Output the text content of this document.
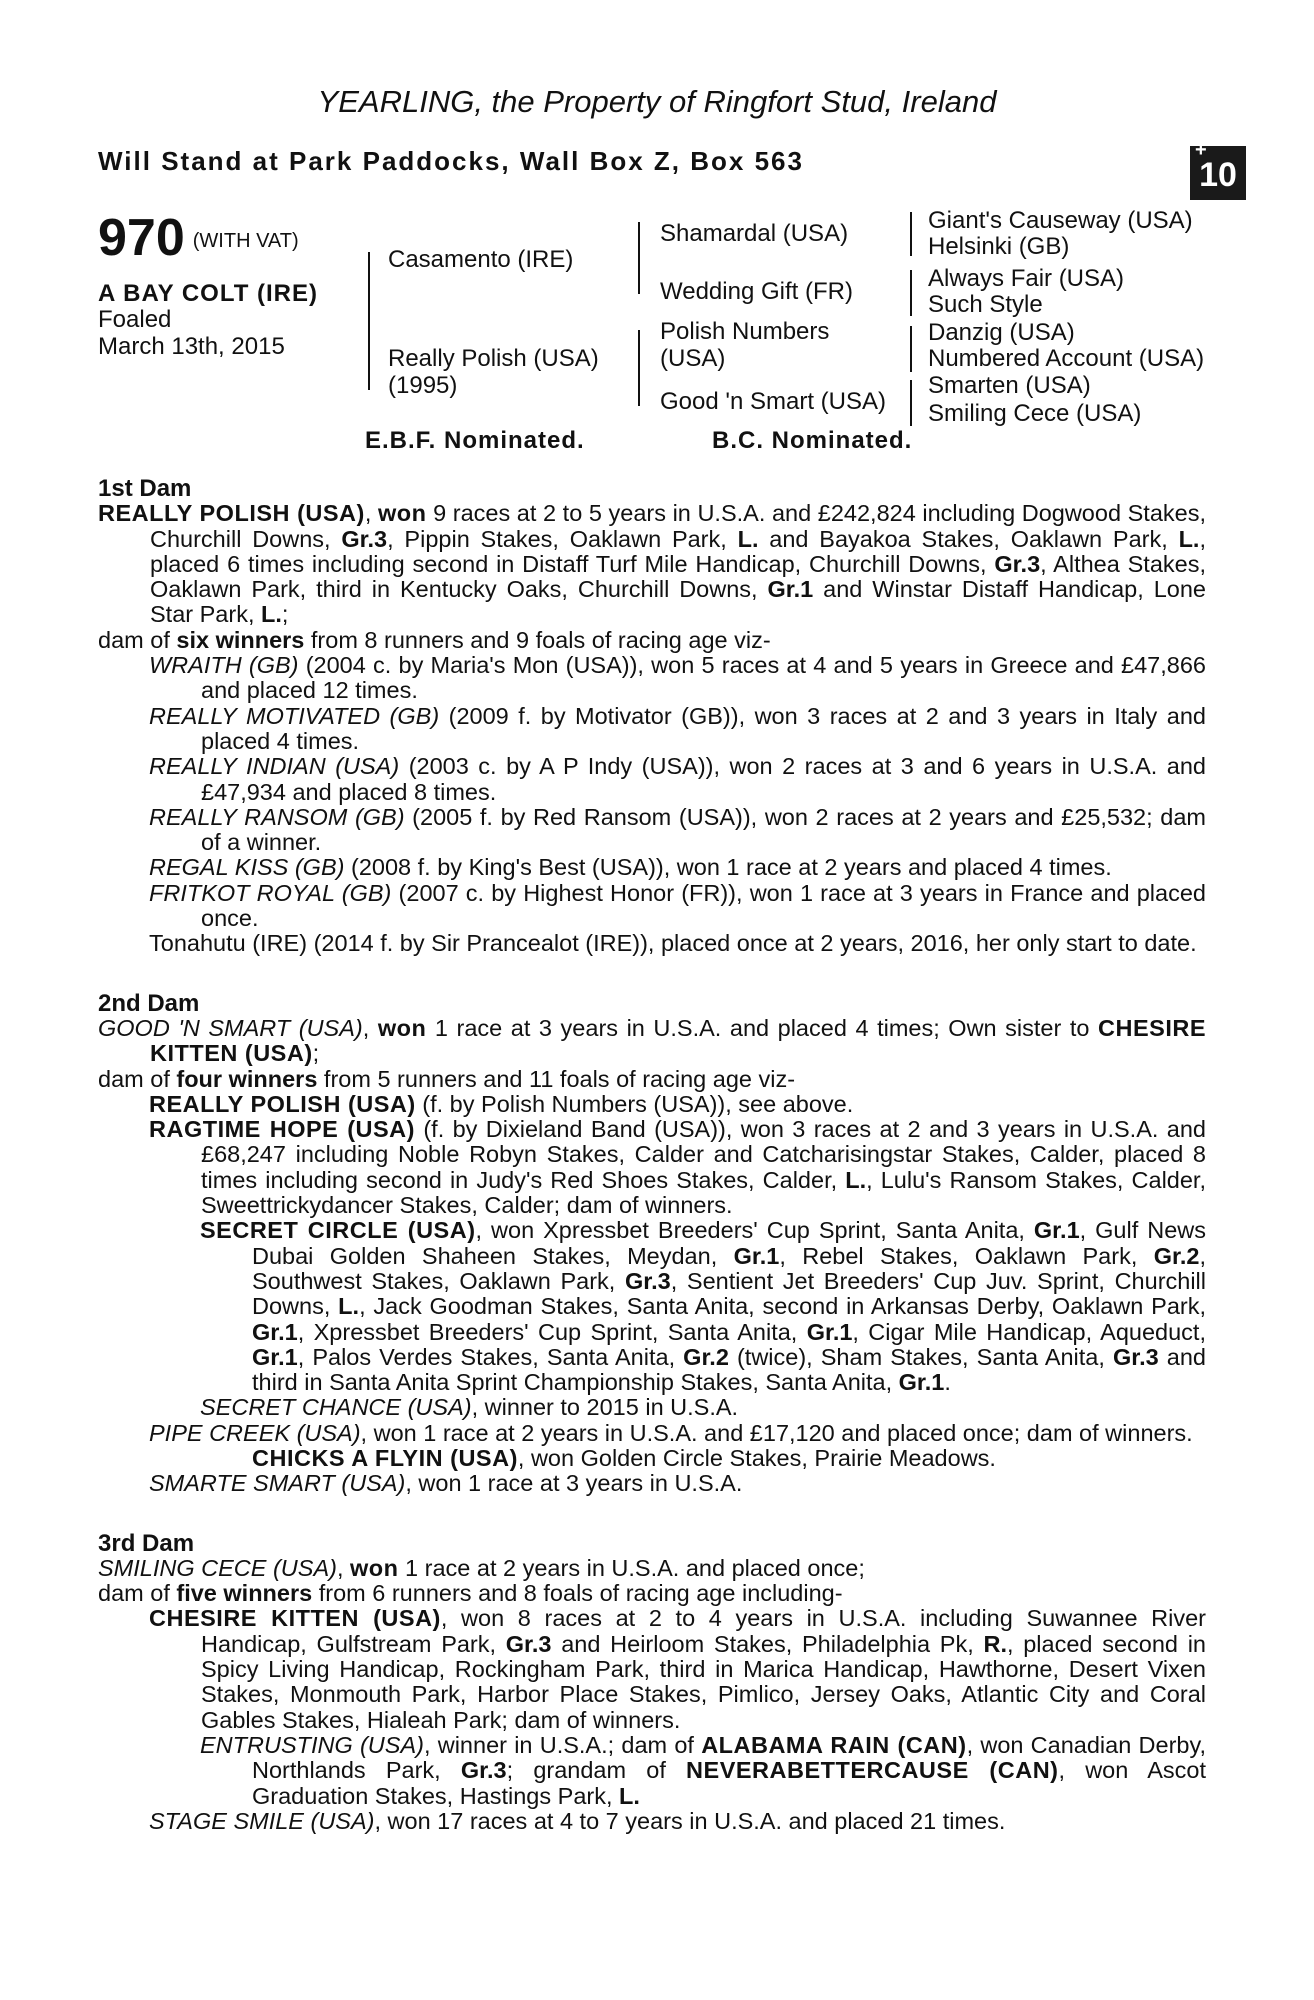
YEARLING, the Property of Ringfort Stud, Ireland
Will Stand at Park Paddocks, Wall Box Z, Box 563	+
10
970 (WITH VAT)
A BAY COLT (IRE)
Foaled
March 13th, 2015
Casamento (IRE)
Really Polish (USA)
(1995)
Shamardal (USA)
Wedding Gift (FR)
Polish Numbers
(USA)
Good 'n Smart (USA)
Giant's Causeway (USA)
Helsinki (GB)
Always Fair (USA)
Such Style
Danzig (USA)
Numbered Account (USA)
Smarten (USA)
Smiling Cece (USA)
E.B.F. Nominated.	B.C. Nominated.
1st Dam
REALLY POLISH (USA), won 9 races at 2 to 5 years in U.S.A. and £242,824 including Dogwood Stakes, Churchill Downs, Gr.3, Pippin Stakes, Oaklawn Park, L. and Bayakoa Stakes, Oaklawn Park, L., placed 6 times including second in Distaff Turf Mile Handicap, Churchill Downs, Gr.3, Althea Stakes, Oaklawn Park, third in Kentucky Oaks, Churchill Downs, Gr.1 and Winstar Distaff Handicap, Lone Star Park, L.;
dam of six winners from 8 runners and 9 foals of racing age viz-
WRAITH (GB) (2004 c. by Maria's Mon (USA)), won 5 races at 4 and 5 years in Greece and £47,866 and placed 12 times.
REALLY MOTIVATED (GB) (2009 f. by Motivator (GB)), won 3 races at 2 and 3 years in Italy and placed 4 times.
REALLY INDIAN (USA) (2003 c. by A P Indy (USA)), won 2 races at 3 and 6 years in U.S.A. and £47,934 and placed 8 times.
REALLY RANSOM (GB) (2005 f. by Red Ransom (USA)), won 2 races at 2 years and £25,532; dam of a winner.
REGAL KISS (GB) (2008 f. by King's Best (USA)), won 1 race at 2 years and placed 4 times.
FRITKOT ROYAL (GB) (2007 c. by Highest Honor (FR)), won 1 race at 3 years in France and placed once.
Tonahutu (IRE) (2014 f. by Sir Prancealot (IRE)), placed once at 2 years, 2016, her only start to date.
2nd Dam
GOOD 'N SMART (USA), won 1 race at 3 years in U.S.A. and placed 4 times; Own sister to CHESIRE KITTEN (USA);
dam of four winners from 5 runners and 11 foals of racing age viz-
REALLY POLISH (USA) (f. by Polish Numbers (USA)), see above.
RAGTIME HOPE (USA) (f. by Dixieland Band (USA)), won 3 races at 2 and 3 years in U.S.A. and £68,247 including Noble Robyn Stakes, Calder and Catcharisingstar Stakes, Calder, placed 8 times including second in Judy's Red Shoes Stakes, Calder, L., Lulu's Ransom Stakes, Calder, Sweettrickydancer Stakes, Calder; dam of winners.
SECRET CIRCLE (USA), won Xpressbet Breeders' Cup Sprint, Santa Anita, Gr.1, Gulf News Dubai Golden Shaheen Stakes, Meydan, Gr.1, Rebel Stakes, Oaklawn Park, Gr.2, Southwest Stakes, Oaklawn Park, Gr.3, Sentient Jet Breeders' Cup Juv. Sprint, Churchill Downs, L., Jack Goodman Stakes, Santa Anita, second in Arkansas Derby, Oaklawn Park, Gr.1, Xpressbet Breeders' Cup Sprint, Santa Anita, Gr.1, Cigar Mile Handicap, Aqueduct, Gr.1, Palos Verdes Stakes, Santa Anita, Gr.2 (twice), Sham Stakes, Santa Anita, Gr.3 and third in Santa Anita Sprint Championship Stakes, Santa Anita, Gr.1.
SECRET CHANCE (USA), winner to 2015 in U.S.A.
PIPE CREEK (USA), won 1 race at 2 years in U.S.A. and £17,120 and placed once; dam of winners.
CHICKS A FLYIN (USA), won Golden Circle Stakes, Prairie Meadows.
SMARTE SMART (USA), won 1 race at 3 years in U.S.A.
3rd Dam
SMILING CECE (USA), won 1 race at 2 years in U.S.A. and placed once;
dam of five winners from 6 runners and 8 foals of racing age including-
CHESIRE KITTEN (USA), won 8 races at 2 to 4 years in U.S.A. including Suwannee River Handicap, Gulfstream Park, Gr.3 and Heirloom Stakes, Philadelphia Pk, R., placed second in Spicy Living Handicap, Rockingham Park, third in Marica Handicap, Hawthorne, Desert Vixen Stakes, Monmouth Park, Harbor Place Stakes, Pimlico, Jersey Oaks, Atlantic City and Coral Gables Stakes, Hialeah Park; dam of winners.
ENTRUSTING (USA), winner in U.S.A.; dam of ALABAMA RAIN (CAN), won Canadian Derby, Northlands Park, Gr.3; grandam of NEVERABETTERCAUSE (CAN), won Ascot Graduation Stakes, Hastings Park, L.
STAGE SMILE (USA), won 17 races at 4 to 7 years in U.S.A. and placed 21 times.
